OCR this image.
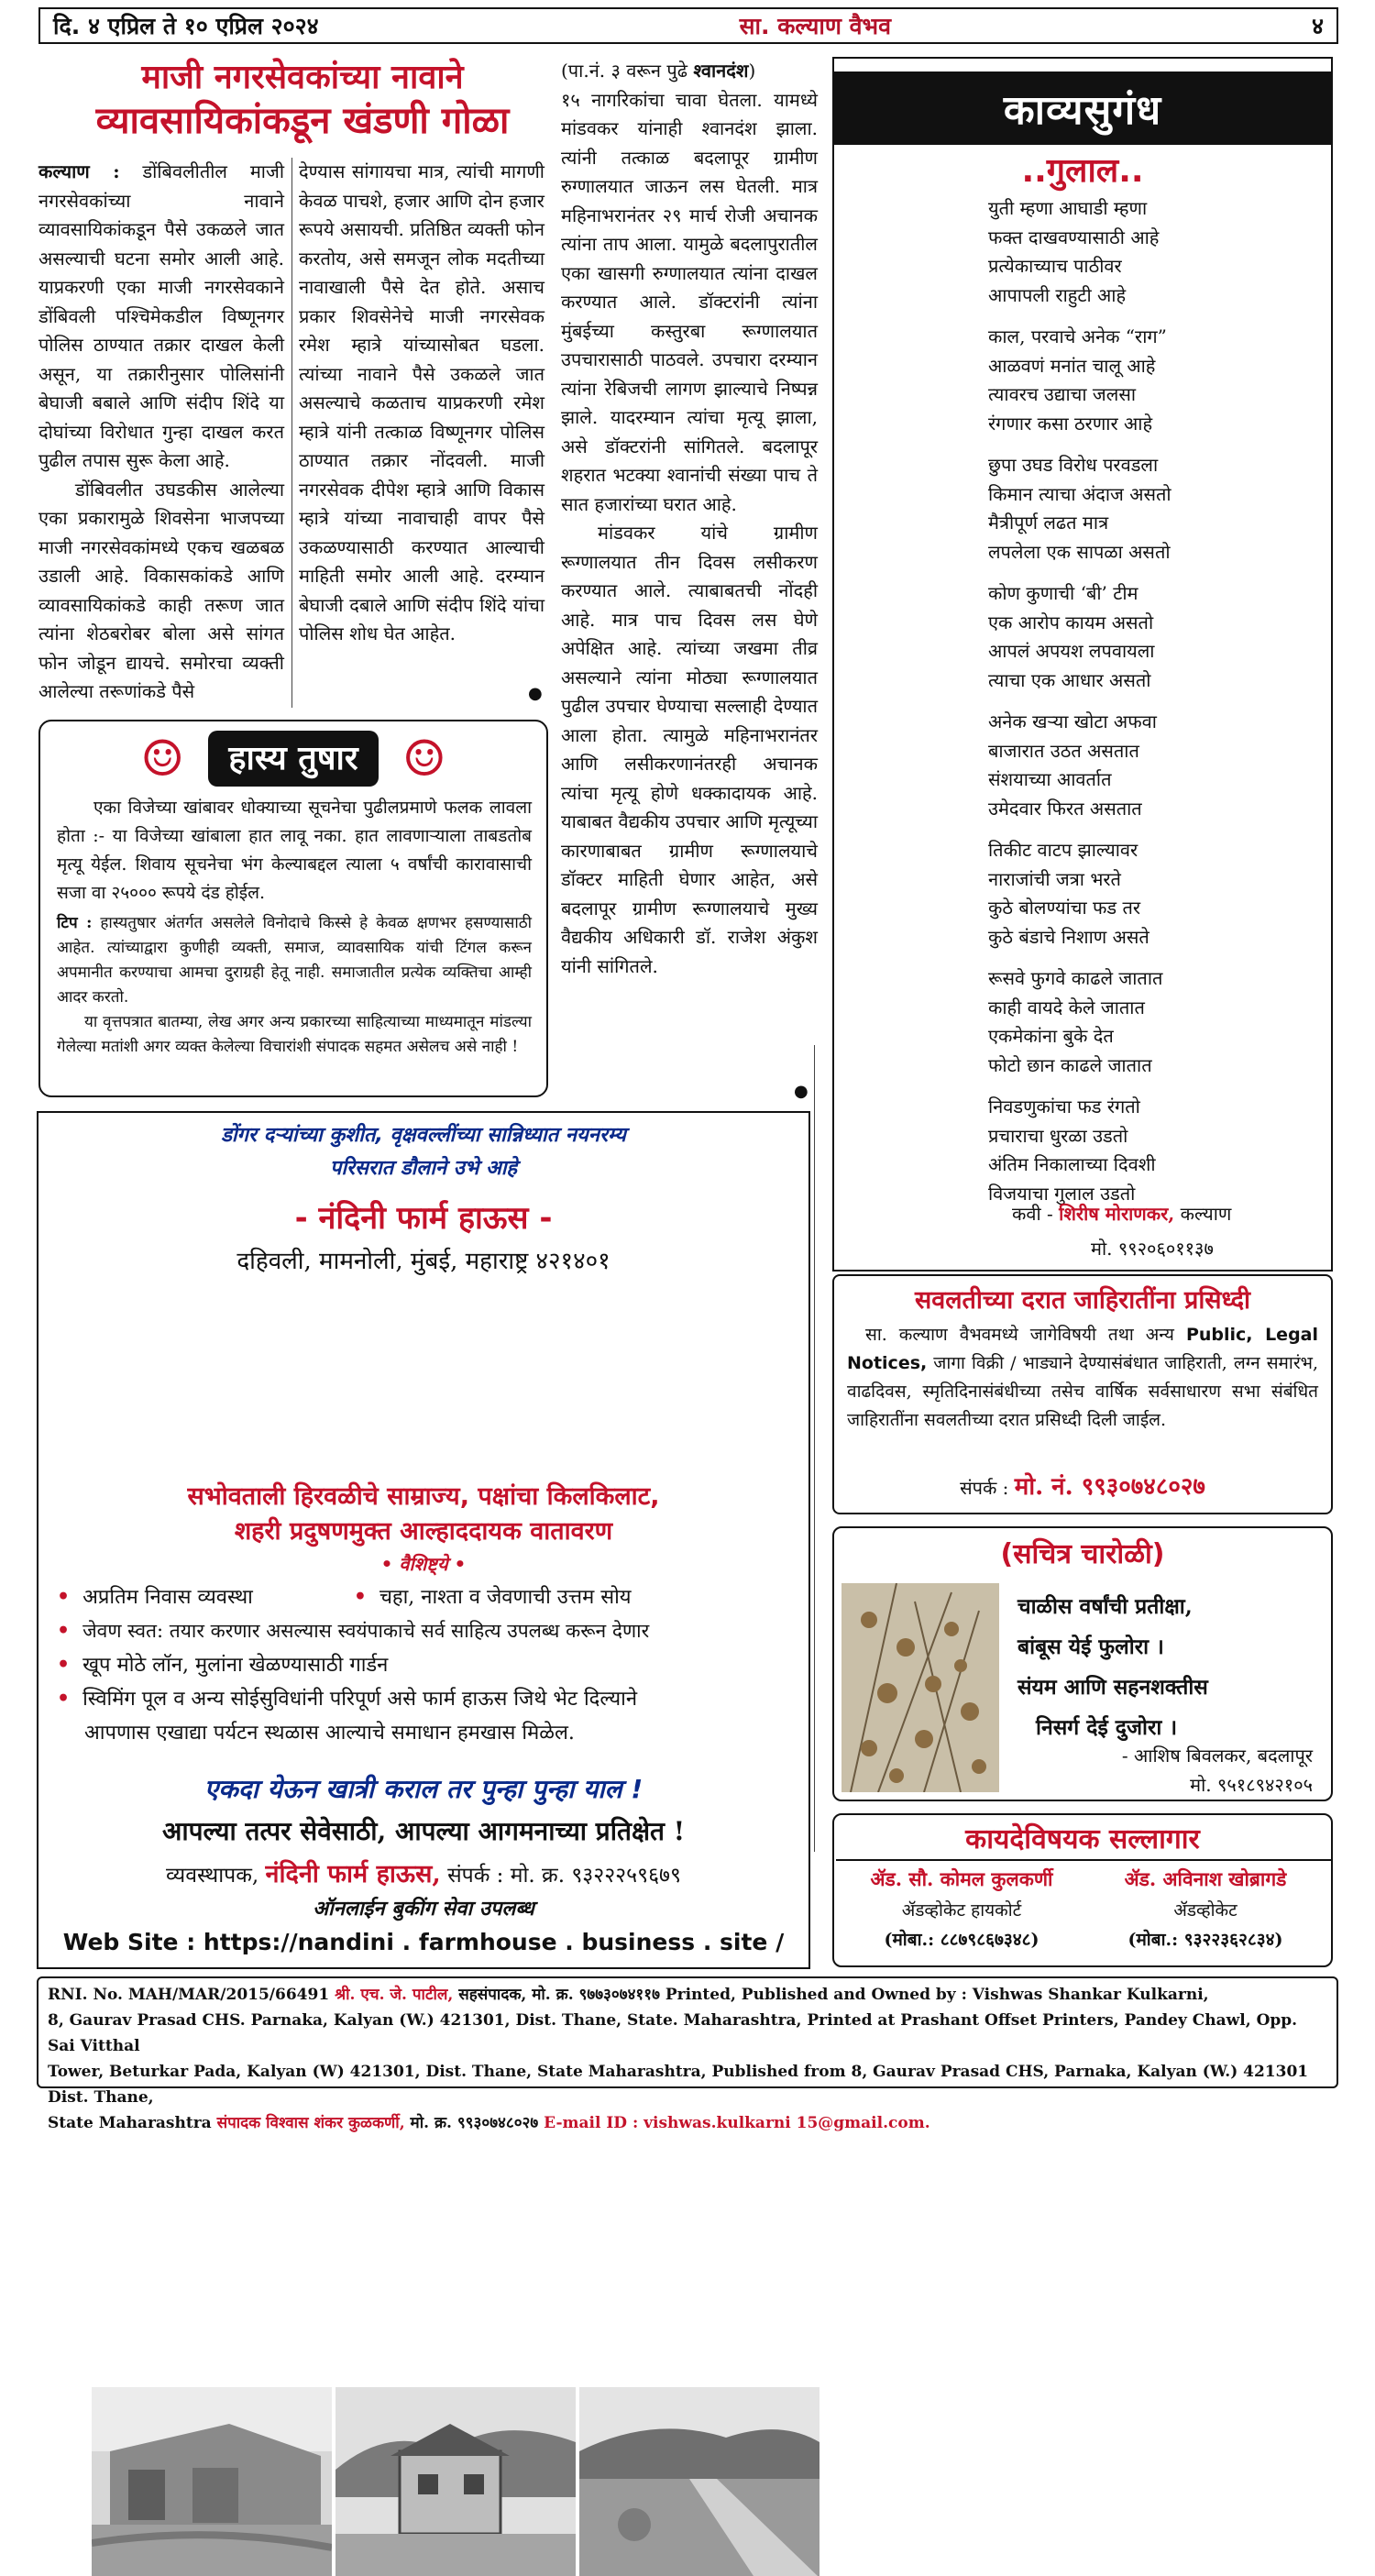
दि. ४ एप्रिल ते १० एप्रिल २०२४	सा. कल्याण वैभव	४
माजी नगरसेवकांच्या नावाने
व्यावसायिकांकडून खंडणी गोळा

कल्याण : डोंबिवलीतील माजी नगरसेवकांच्या नावाने व्यावसायिकांकडून पैसे उकळले जात असल्याची घटना समोर आली आहे. याप्रकरणी एका माजी नगरसेवकाने डोंबिवली पश्चिमेकडील विष्णूनगर पोलिस ठाण्यात तक्रार दाखल केली असून, या तक्रारीनुसार पोलिसांनी बेघाजी बबाले आणि संदीप शिंदे या दोघांच्या विरोधात गुन्हा दाखल करत पुढील तपास सुरू केला आहे.

डोंबिवलीत उघडकीस आलेल्या एका प्रकारामुळे शिवसेना भाजपच्या माजी नगरसेवकांमध्ये एकच खळबळ उडाली आहे. विकासकांकडे आणि व्यावसायिकांकडे काही तरूण जात त्यांना शेठबरोबर बोला असे सांगत फोन जोडून द्यायचे. समोरचा व्यक्ती आलेल्या तरूणांकडे पैसे

देण्यास सांगायचा मात्र, त्यांची मागणी केवळ पाचशे, हजार आणि दोन हजार रूपये असायची. प्रतिष्ठित व्यक्ती फोन करतोय, असे समजून लोक मदतीच्या नावाखाली पैसे देत होते. असाच प्रकार शिवसेनेचे माजी नगरसेवक रमेश म्हात्रे यांच्यासोबत घडला. त्यांच्या नावाने पैसे उकळले जात असल्याचे कळताच याप्रकरणी रमेश म्हात्रे यांनी तत्काळ विष्णूनगर पोलिस ठाण्यात तक्रार नोंदवली. माजी नगरसेवक दीपेश म्हात्रे आणि विकास म्हात्रे यांच्या नावाचाही वापर पैसे उकळण्यासाठी करण्यात आल्याची माहिती समोर आली आहे. दरम्यान बेघाजी दबाले आणि संदीप शिंदे यांचा पोलिस शोध घेत आहेत.

●
☺	हास्य तुषार ☺
एका विजेच्या खांबावर धोक्याच्या सूचनेचा पुढीलप्रमाणे फलक लावला होता :- या विजेच्या खांबाला हात लावू नका. हात लावणाऱ्याला ताबडतोब मृत्यू येईल. शिवाय सूचनेचा भंग केल्याबद्दल त्याला ५ वर्षांची कारावासाची सजा वा २५००० रूपये दंड होईल.
टिप : हास्यतुषार अंतर्गत असलेले विनोदाचे किस्से हे केवळ क्षणभर हसण्यासाठी आहेत. त्यांच्याद्वारा कुणीही व्यक्ती, समाज, व्यावसायिक यांची टिंगल करून अपमानीत करण्याचा आमचा दुराग्रही हेतू नाही. समाजातील प्रत्येक व्यक्तिचा आम्ही आदर करतो.
या वृत्तपत्रात बातम्या, लेख अगर अन्य प्रकारच्या साहित्याच्या माध्यमातून मांडल्या गेलेल्या मतांशी अगर व्यक्त केलेल्या विचारांशी संपादक सहमत असेलच असे नाही !

(पा.नं. ३ वरून पुढे श्वानदंश)

१५ नागरिकांचा चावा घेतला. यामध्ये मांडवकर यांनाही श्वानदंश झाला. त्यांनी तत्काळ बदलापूर ग्रामीण रुग्णालयात जाऊन लस घेतली. मात्र महिनाभरानंतर २९ मार्च रोजी अचानक त्यांना ताप आला. यामुळे बदलापुरातील एका खासगी रुग्णालयात त्यांना दाखल करण्यात आले. डॉक्टरांनी त्यांना मुंबईच्या कस्तुरबा रूग्णालयात उपचारासाठी पाठवले. उपचारा दरम्यान त्यांना रेबिजची लागण झाल्याचे निष्पन्न झाले. यादरम्यान त्यांचा मृत्यू झाला, असे डॉक्टरांनी सांगितले. बदलापूर शहरात भटक्या श्वानांची संख्या पाच ते सात हजारांच्या घरात आहे.

मांडवकर यांचे ग्रामीण रूग्णालयात तीन दिवस लसीकरण करण्यात आले. त्याबाबतची नोंदही आहे. मात्र पाच दिवस लस घेणे अपेक्षित आहे. त्यांच्या जखमा तीव्र असल्याने त्यांना मोठ्या रूग्णालयात पुढील उपचार घेण्याचा सल्लाही देण्यात आला होता. त्यामुळे महिनाभरानंतर आणि लसीकरणानंतरही अचानक त्यांचा मृत्यू होणे धक्कादायक आहे. याबाबत वैद्यकीय उपचार आणि मृत्यूच्या कारणाबाबत ग्रामीण रूग्णालयाचे डॉक्टर माहिती घेणार आहेत, असे बदलापूर ग्रामीण रूग्णालयाचे मुख्य वैद्यकीय अधिकारी डॉ. राजेश अंकुश यांनी सांगितले.

●
काव्यसुगंध
..गुलाल..
युती म्हणा आघाडी म्हणा
फक्त दाखवण्यासाठी आहे
प्रत्येकाच्याच पाठीवर
आपापली राहुटी आहे
काल, परवाचे अनेक “राग”
आळवणं मनांत चालू आहे
त्यावरच उद्याचा जलसा
रंगणार कसा ठरणार आहे
छुपा उघड विरोध परवडला
किमान त्याचा अंदाज असतो
मैत्रीपूर्ण लढत मात्र
लपलेला एक सापळा असतो
कोण कुणाची ‘बी’ टीम
एक आरोप कायम असतो
आपलं अपयश लपवायला
त्याचा एक आधार असतो
अनेक खऱ्या खोटा अफवा
बाजारात उठत असतात
संशयाच्या आवर्तात
उमेदवार फिरत असतात
तिकीट वाटप झाल्यावर
नाराजांची जत्रा भरते
कुठे बोलण्यांचा फड तर
कुठे बंडाचे निशाण असते
रूसवे फुगवे काढले जातात
काही वायदे केले जातात
एकमेकांना बुके देत
फोटो छान काढले जातात
निवडणुकांचा फड रंगतो
प्रचाराचा धुरळा उडतो
अंतिम निकालाच्या दिवशी
विजयाचा गुलाल उडतो
कवी - शिरीष मोराणकर, कल्याण
मो. ९९२०६०११३७
डोंगर दऱ्यांच्या कुशीत, वृक्षवल्लींच्या सान्निध्यात नयनरम्य
परिसरात डौलाने उभे आहे
- नंदिनी फार्म हाऊस -
दहिवली, मामनोली, मुंबई, महाराष्ट्र ४२१४०१
सभोवताली हिरवळीचे साम्राज्य, पक्षांचा किलकिलाट,
शहरी प्रदुषणमुक्त आल्हाददायक वातावरण
• वैशिष्ट्ये •
• अप्रतिम निवास व्यवस्था	• चहा, नाश्ता व जेवणाची उत्तम सोय
• जेवण स्वत: तयार करणार असल्यास स्वयंपाकाचे सर्व साहित्य उपलब्ध करून देणार
• खूप मोठे लॉन, मुलांना खेळण्यासाठी गार्डन
• स्विमिंग पूल व अन्य सोईसुविधांनी परिपूर्ण असे फार्म हाऊस जिथे भेट दिल्याने
आपणास एखाद्या पर्यटन स्थळास आल्याचे समाधान हमखास मिळेल.
एकदा येऊन खात्री कराल तर पुन्हा पुन्हा याल !
आपल्या तत्पर सेवेसाठी, आपल्या आगमनाच्या प्रतिक्षेत !
व्यवस्थापक, नंदिनी फार्म हाऊस, संपर्क : मो. क्र. ९३२२२५९६७९
ऑनलाईन बुकींग सेवा उपलब्ध
Web Site : https://nandini . farmhouse . business . site /
सवलतीच्या दरात जाहिरातींना प्रसिध्दी
सा. कल्याण वैभवमध्ये जागेविषयी तथा अन्य Public, Legal Notices, जागा विक्री / भाड्याने देण्यासंबंधात जाहिराती, लग्न समारंभ, वाढदिवस, स्मृतिदिनासंबंधीच्या तसेच वार्षिक सर्वसाधारण सभा संबंधित जाहिरातींना सवलतीच्या दरात प्रसिध्दी दिली जाईल.
संपर्क : मो. नं. ९९३०७४८०२७
(सचित्र चारोळी)
चाळीस वर्षांची प्रतीक्षा,
बांबूस येई फुलोरा ।
संयम आणि सहनशक्तीस
निसर्ग देई दुजोरा ।
- आशिष बिवलकर, बदलापूर
मो. ९५१८९४२१०५
कायदेविषयक सल्लागार
ॲड. सौ. कोमल कुलकर्णी
ॲडव्होकेट हायकोर्ट
(मोबा.: ८८७९८६७३४८)
ॲड. अविनाश खोब्रागडे
ॲडव्होकेट
(मोबा.: ९३२२३६२८३४)
RNI. No. MAH/MAR/2015/66491 श्री. एच. जे. पाटील, सहसंपादक, मो. क्र. ९७७३०७४११७ Printed, Published and Owned by : Vishwas Shankar Kulkarni,
8, Gaurav Prasad CHS. Parnaka, Kalyan (W.) 421301, Dist. Thane, State. Maharashtra, Printed at Prashant Offset Printers, Pandey Chawl, Opp. Sai Vitthal
Tower, Beturkar Pada, Kalyan (W) 421301, Dist. Thane, State Maharashtra, Published from 8, Gaurav Prasad CHS, Parnaka, Kalyan (W.) 421301 Dist. Thane,
State Maharashtra संपादक विश्वास शंकर कुळकर्णी, मो. क्र. ९९३०७४८०२७ E-mail ID : vishwas.kulkarni 15@gmail.com.
